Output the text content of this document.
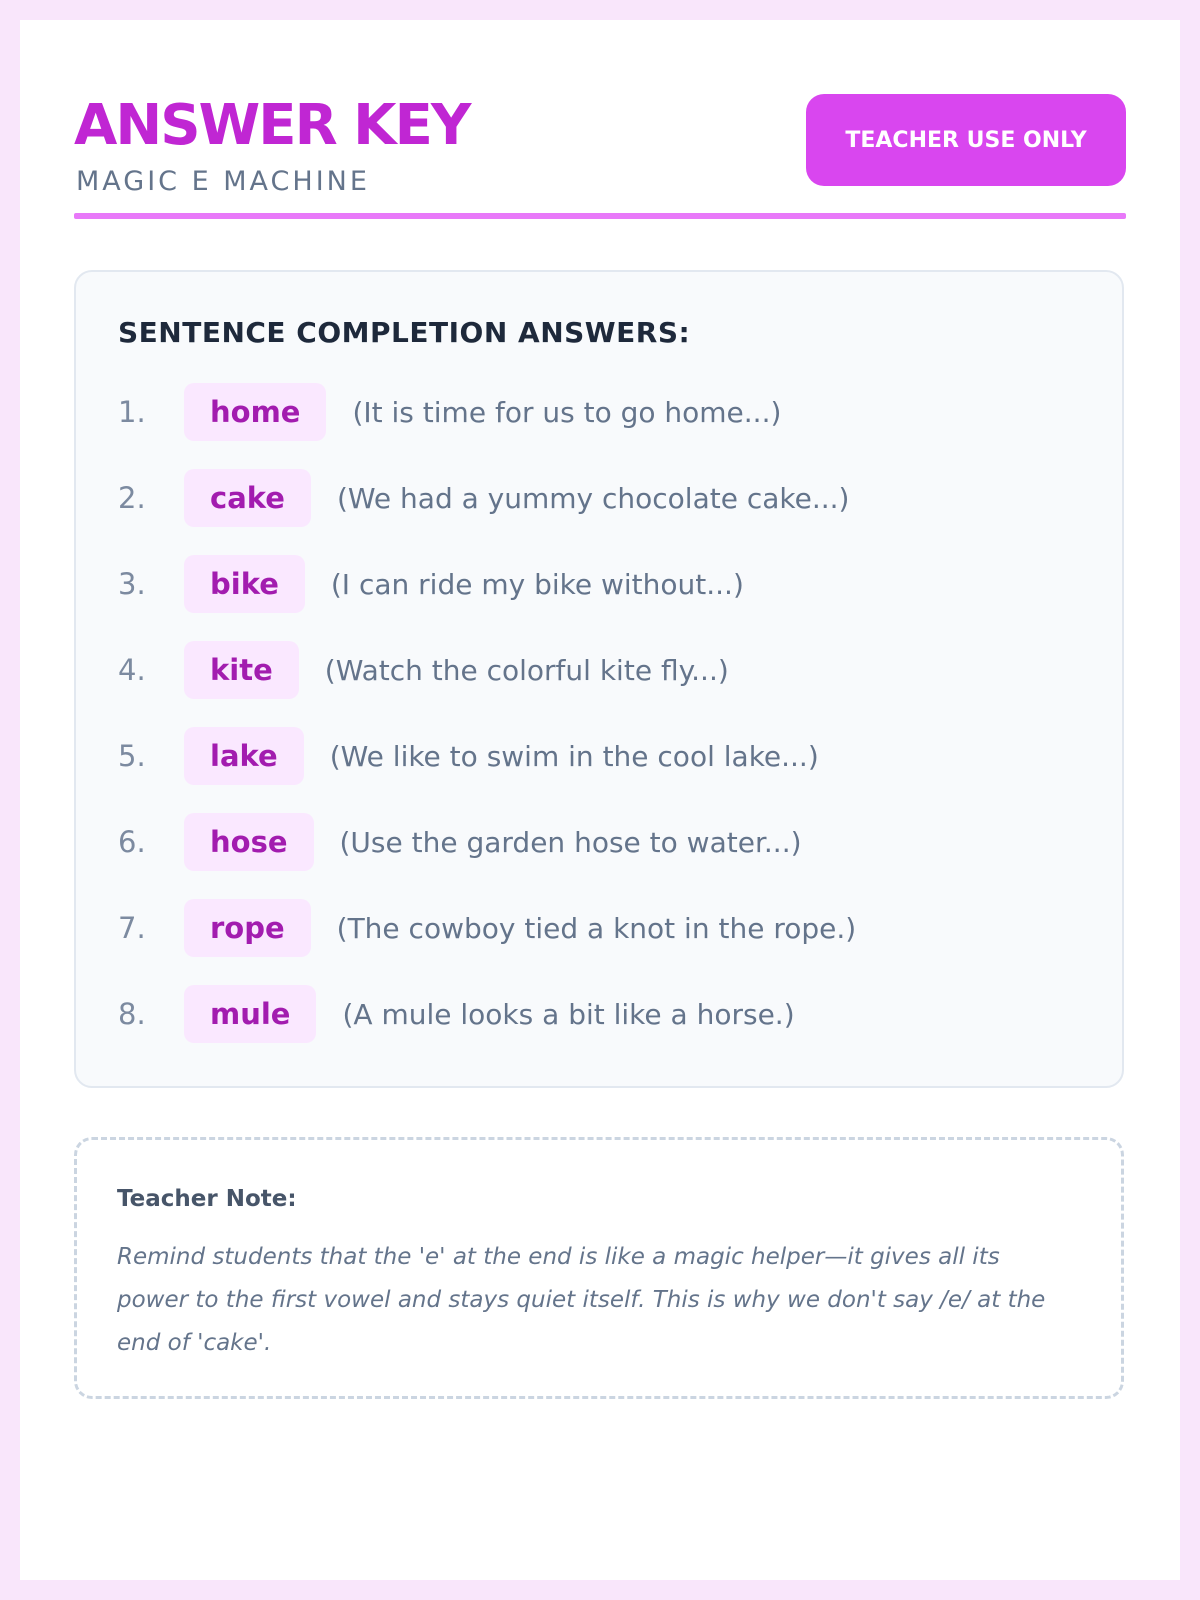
ANSWER KEY
MAGIC E MACHINE
TEACHER USE ONLY
SENTENCE COMPLETION ANSWERS:
1.	home	(It is time for us to go home...)
2.	cake	(We had a yummy chocolate cake...)
3.	bike	(I can ride my bike without...)
4.	kite	(Watch the colorful kite fly...)
5.	lake	(We like to swim in the cool lake...)
6.	hose	(Use the garden hose to water...)
7.	rope	(The cowboy tied a knot in the rope.)
8.	mule	(A mule looks a bit like a horse.)
Teacher Note:
Remind students that the 'e' at the end is like a magic helper—it gives all its power to the first vowel and stays quiet itself. This is why we don't say /e/ at the end of 'cake'.
